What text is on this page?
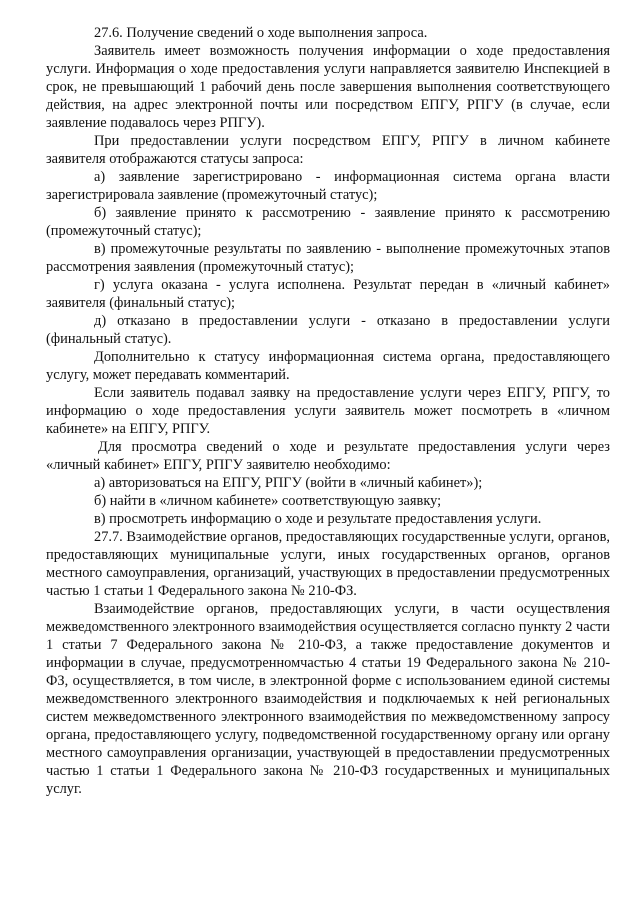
27.6. Получение сведений о ходе выполнения запроса.

Заявитель имеет возможность получения информации о ходе предоставления услуги. Информация о ходе предоставления услуги направляется заявителю Инспекцией в срок, не превышающий 1 рабочий день после завершения выполнения соответствующего действия, на адрес электронной почты или посредством ЕПГУ, РПГУ (в случае, если заявление подавалось через РПГУ).

При предоставлении услуги посредством ЕПГУ, РПГУ в личном кабинете заявителя отображаются статусы запроса:

а) заявление зарегистрировано - информационная система органа власти зарегистрировала заявление (промежуточный статус);

б) заявление принято к рассмотрению - заявление принято к рассмотрению (промежуточный статус);

в) промежуточные результаты по заявлению - выполнение промежуточных этапов рассмотрения заявления (промежуточный статус);

г) услуга оказана - услуга исполнена. Результат передан в «личный кабинет» заявителя (финальный статус);

д) отказано в предоставлении услуги - отказано в предоставлении услуги (финальный статус).

Дополнительно к статусу информационная система органа, предоставляющего услугу, может передавать комментарий.

Если заявитель подавал заявку на предоставление услуги через ЕПГУ, РПГУ, то информацию о ходе предоставления услуги заявитель может посмотреть в «личном кабинете» на ЕПГУ, РПГУ.

Для просмотра сведений о ходе и результате предоставления услуги через «личный кабинет» ЕПГУ, РПГУ заявителю необходимо:

а) авторизоваться на ЕПГУ, РПГУ (войти в «личный кабинет»);

б) найти в «личном кабинете» соответствующую заявку;

в) просмотреть информацию о ходе и результате предоставления услуги.

27.7. Взаимодействие органов, предоставляющих государственные услуги, органов, предоставляющих муниципальные услуги, иных государственных органов, органов местного самоуправления, организаций, участвующих в предоставлении предусмотренных частью 1 статьи 1 Федерального закона № 210-ФЗ.

Взаимодействие органов, предоставляющих услуги, в части осуществления межведомственного электронного взаимодействия осуществляется согласно пункту 2 части 1 статьи 7 Федерального закона № 210-ФЗ, а также предоставление документов и информации в случае, предусмотренномчастью 4 статьи 19 Федерального закона № 210-ФЗ, осуществляется, в том числе, в электронной форме с использованием единой системы межведомственного электронного взаимодействия и подключаемых к ней региональных систем межведомственного электронного взаимодействия по межведомственному запросу органа, предоставляющего услугу, подведомственной государственному органу или органу местного самоуправления организации, участвующей в предоставлении предусмотренных частью 1 статьи 1 Федерального закона № 210-ФЗ государственных и муниципальных услуг.
